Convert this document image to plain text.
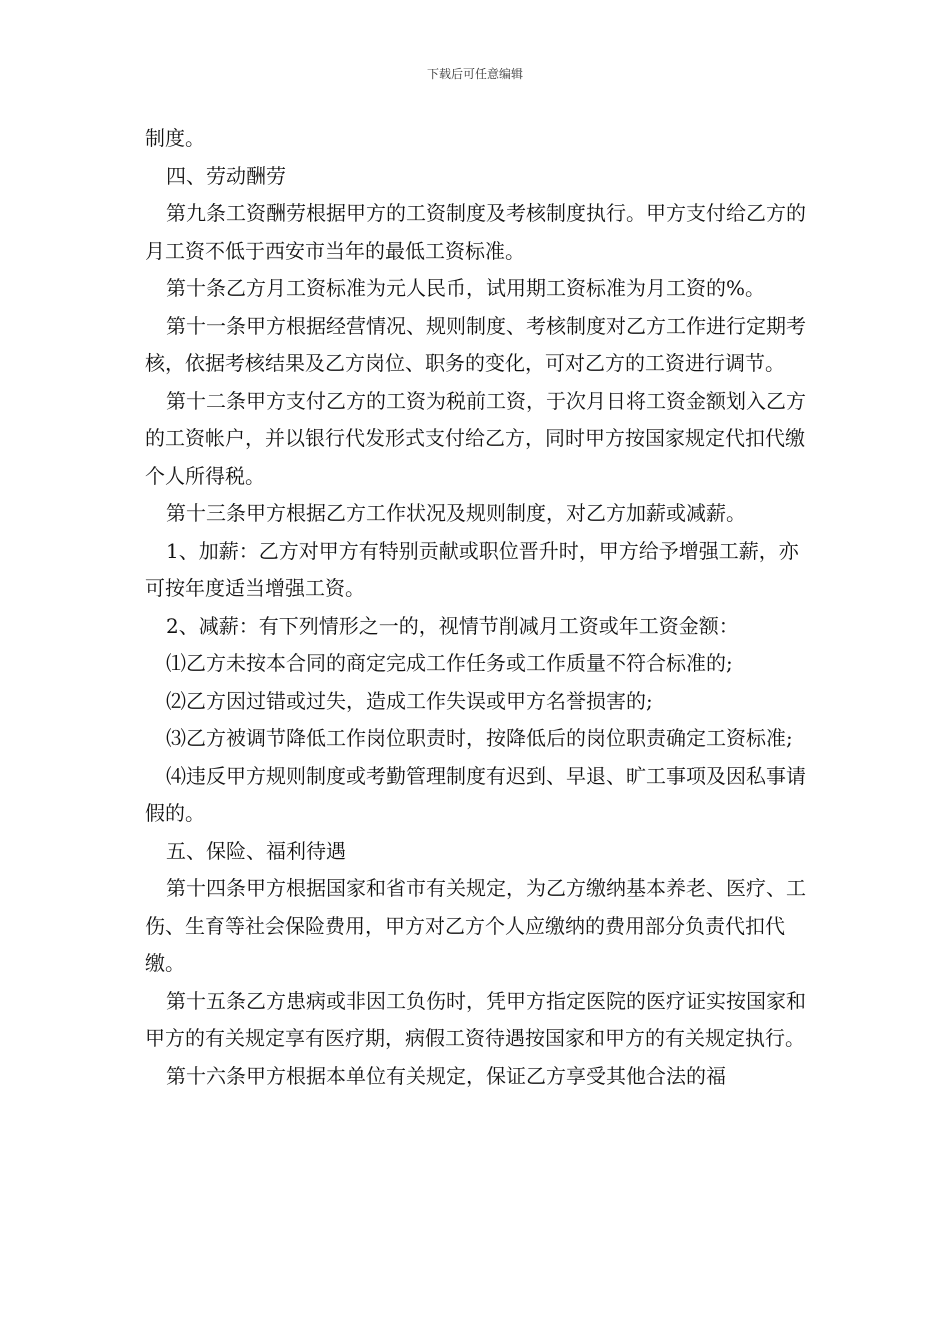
下载后可任意编辑

制度。

四、劳动酬劳

第九条工资酬劳根据甲方的工资制度及考核制度执行。甲方支付给乙方的月工资不低于西安市当年的最低工资标准。

第十条乙方月工资标准为元人民币，试用期工资标准为月工资的%。

第十一条甲方根据经营情况、规则制度、考核制度对乙方工作进行定期考核，依据考核结果及乙方岗位、职务的变化，可对乙方的工资进行调节。

第十二条甲方支付乙方的工资为税前工资，于次月日将工资金额划入乙方的工资帐户，并以银行代发形式支付给乙方，同时甲方按国家规定代扣代缴个人所得税。

第十三条甲方根据乙方工作状况及规则制度，对乙方加薪或减薪。

1、加薪：乙方对甲方有特别贡献或职位晋升时，甲方给予增强工薪，亦可按年度适当增强工资。

2、减薪：有下列情形之一的，视情节削减月工资或年工资金额：

⑴乙方未按本合同的商定完成工作任务或工作质量不符合标准的;

⑵乙方因过错或过失，造成工作失误或甲方名誉损害的;

⑶乙方被调节降低工作岗位职责时，按降低后的岗位职责确定工资标准;

⑷违反甲方规则制度或考勤管理制度有迟到、早退、旷工事项及因私事请假的。

五、保险、福利待遇

第十四条甲方根据国家和省市有关规定，为乙方缴纳基本养老、医疗、工伤、生育等社会保险费用，甲方对乙方个人应缴纳的费用部分负责代扣代缴。

第十五条乙方患病或非因工负伤时，凭甲方指定医院的医疗证实按国家和甲方的有关规定享有医疗期，病假工资待遇按国家和甲方的有关规定执行。

第十六条甲方根据本单位有关规定，保证乙方享受其他合法的福
